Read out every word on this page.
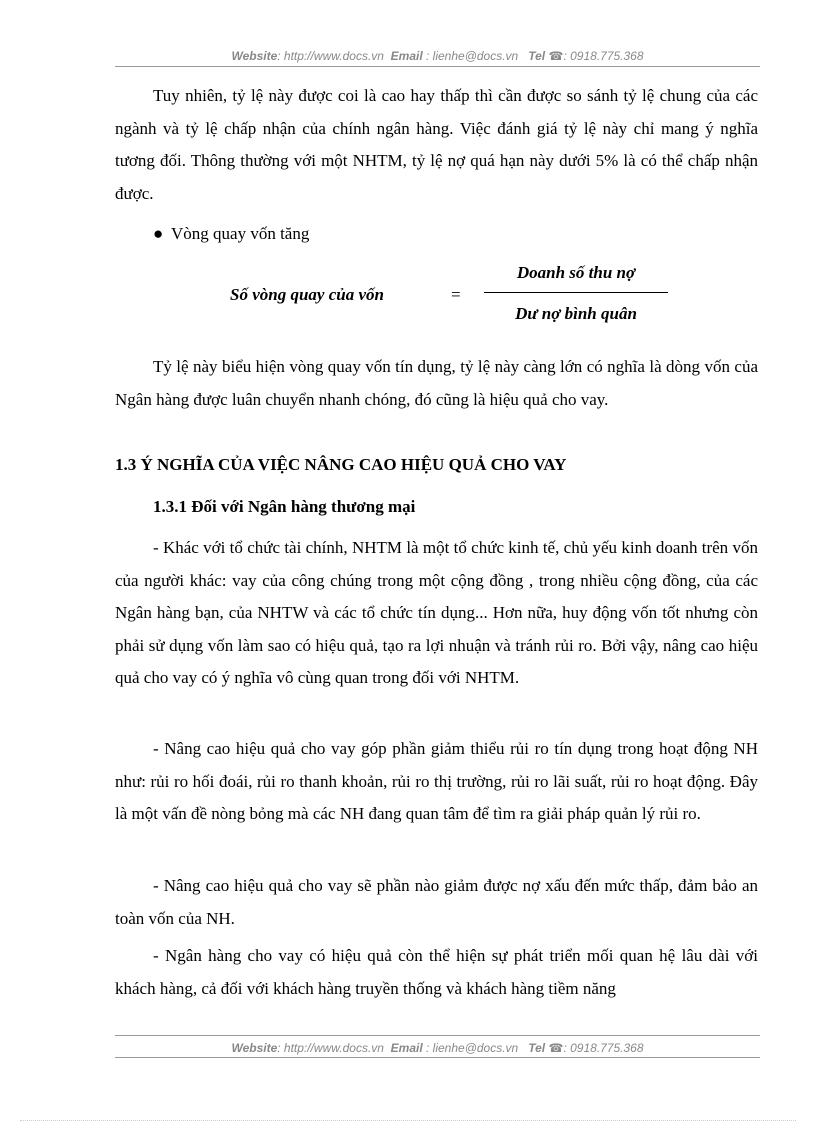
Website: http://www.docs.vn Email : lienhe@docs.vn Tel ☎: 0918.775.368

Tuy nhiên, tỷ lệ này được coi là cao hay thấp thì cần được so sánh tỷ lệ chung của các ngành và tỷ lệ chấp nhận của chính ngân hàng. Việc đánh giá tỷ lệ này chỉ mang ý nghĩa tương đối. Thông thường với một NHTM, tỷ lệ nợ quá hạn này dưới 5% là có thể chấp nhận được.

● Vòng quay vốn tăng

Số vòng quay của vốn	=
Doanh số thu nợ
Dư nợ bình quân

Tỷ lệ này biểu hiện vòng quay vốn tín dụng, tỷ lệ này càng lớn có nghĩa là dòng vốn của Ngân hàng được luân chuyển nhanh chóng, đó cũng là hiệu quả cho vay.

1.3 Ý NGHĨA CỦA VIỆC NÂNG CAO HIỆU QUẢ CHO VAY
1.3.1 Đối với Ngân hàng thương mại

- Khác với tổ chức tài chính, NHTM là một tổ chức kinh tế, chủ yếu kinh doanh trên vốn của người khác: vay của công chúng trong một cộng đồng , trong nhiều cộng đồng, của các Ngân hàng bạn, của NHTW và các tổ chức tín dụng... Hơn nữa, huy động vốn tốt nhưng còn phải sử dụng vốn làm sao có hiệu quả, tạo ra lợi nhuận và tránh rủi ro. Bởi vậy, nâng cao hiệu quả cho vay có ý nghĩa vô cùng quan trong đối với NHTM.

- Nâng cao hiệu quả cho vay góp phần giảm thiểu rủi ro tín dụng trong hoạt động NH như: rủi ro hối đoái, rủi ro thanh khoản, rủi ro thị trường, rủi ro lãi suất, rủi ro hoạt động. Đây là một vấn đề nòng bỏng mà các NH đang quan tâm để tìm ra giải pháp quản lý rủi ro.

- Nâng cao hiệu quả cho vay sẽ phần nào giảm được nợ xấu đến mức thấp, đảm bảo an toàn vốn của NH.

- Ngân hàng cho vay có hiệu quả còn thể hiện sự phát triển mối quan hệ lâu dài với khách hàng, cả đối với khách hàng truyền thống và khách hàng tiềm năng

Website: http://www.docs.vn Email : lienhe@docs.vn Tel ☎: 0918.775.368
